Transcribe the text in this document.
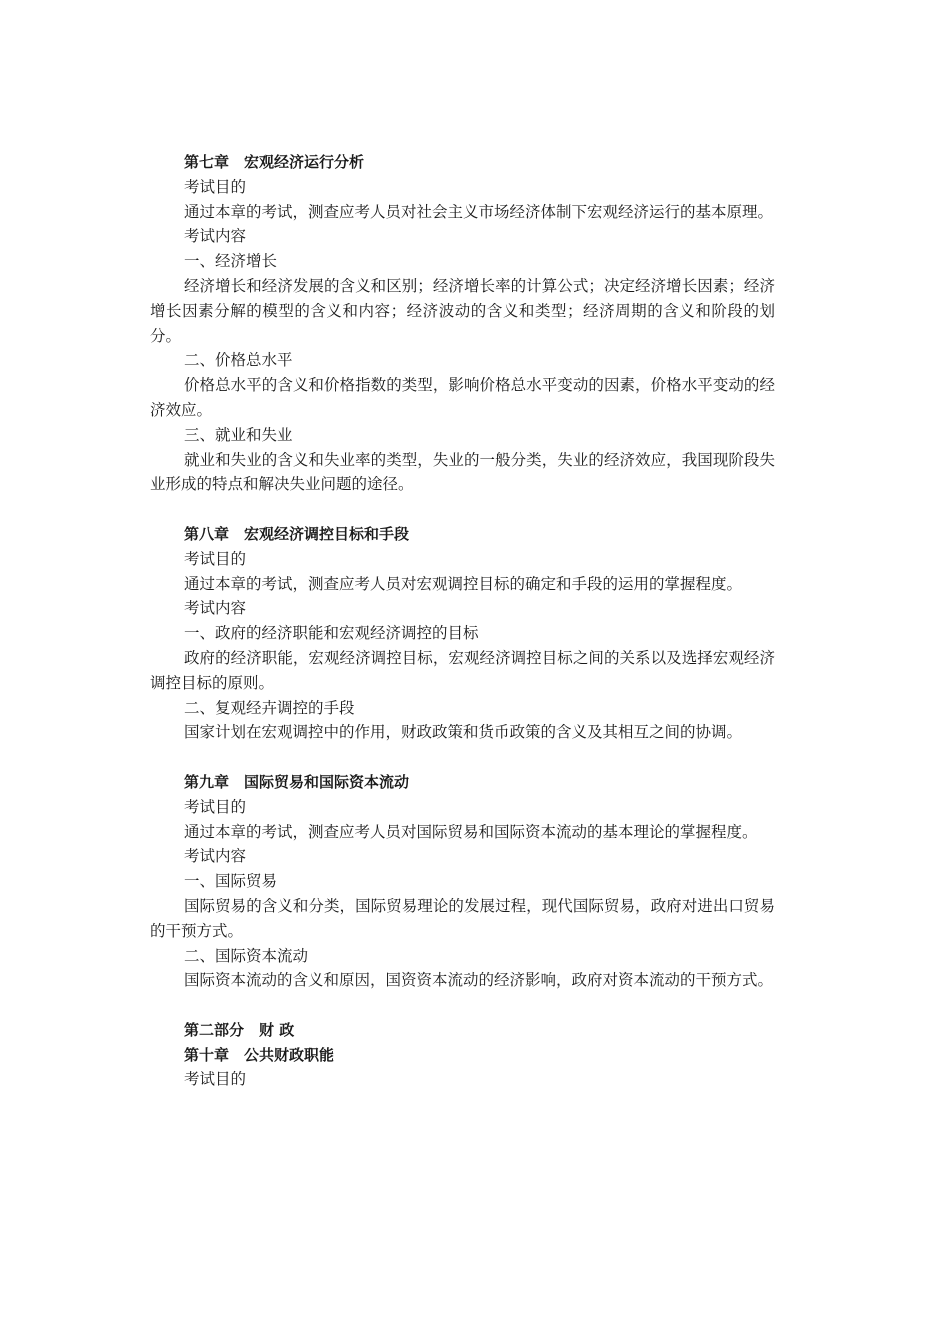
第七章　宏观经济运行分析

考试目的

通过本章的考试，测查应考人员对社会主义市场经济体制下宏观经济运行的基本原理。

考试内容

一、经济增长

经济增长和经济发展的含义和区别；经济增长率的计算公式；决定经济增长因素；经济增长因素分解的模型的含义和内容；经济波动的含义和类型；经济周期的含义和阶段的划分。

二、价格总水平

价格总水平的含义和价格指数的类型，影响价格总水平变动的因素，价格水平变动的经济效应。

三、就业和失业

就业和失业的含义和失业率的类型，失业的一般分类，失业的经济效应，我国现阶段失业形成的特点和解决失业问题的途径。

第八章　宏观经济调控目标和手段

考试目的

通过本章的考试，测查应考人员对宏观调控目标的确定和手段的运用的掌握程度。

考试内容

一、政府的经济职能和宏观经济调控的目标

政府的经济职能，宏观经济调控目标，宏观经济调控目标之间的关系以及选择宏观经济调控目标的原则。

二、复观经卉调控的手段

国家计划在宏观调控中的作用，财政政策和货币政策的含义及其相互之间的协调。

第九章　国际贸易和国际资本流动

考试目的

通过本章的考试，测查应考人员对国际贸易和国际资本流动的基本理论的掌握程度。

考试内容

一、国际贸易

国际贸易的含义和分类，国际贸易理论的发展过程，现代国际贸易，政府对进出口贸易的干预方式。

二、国际资本流动

国际资本流动的含义和原因，国资资本流动的经济影响，政府对资本流动的干预方式。

第二部分　财 政

第十章　公共财政职能

考试目的
